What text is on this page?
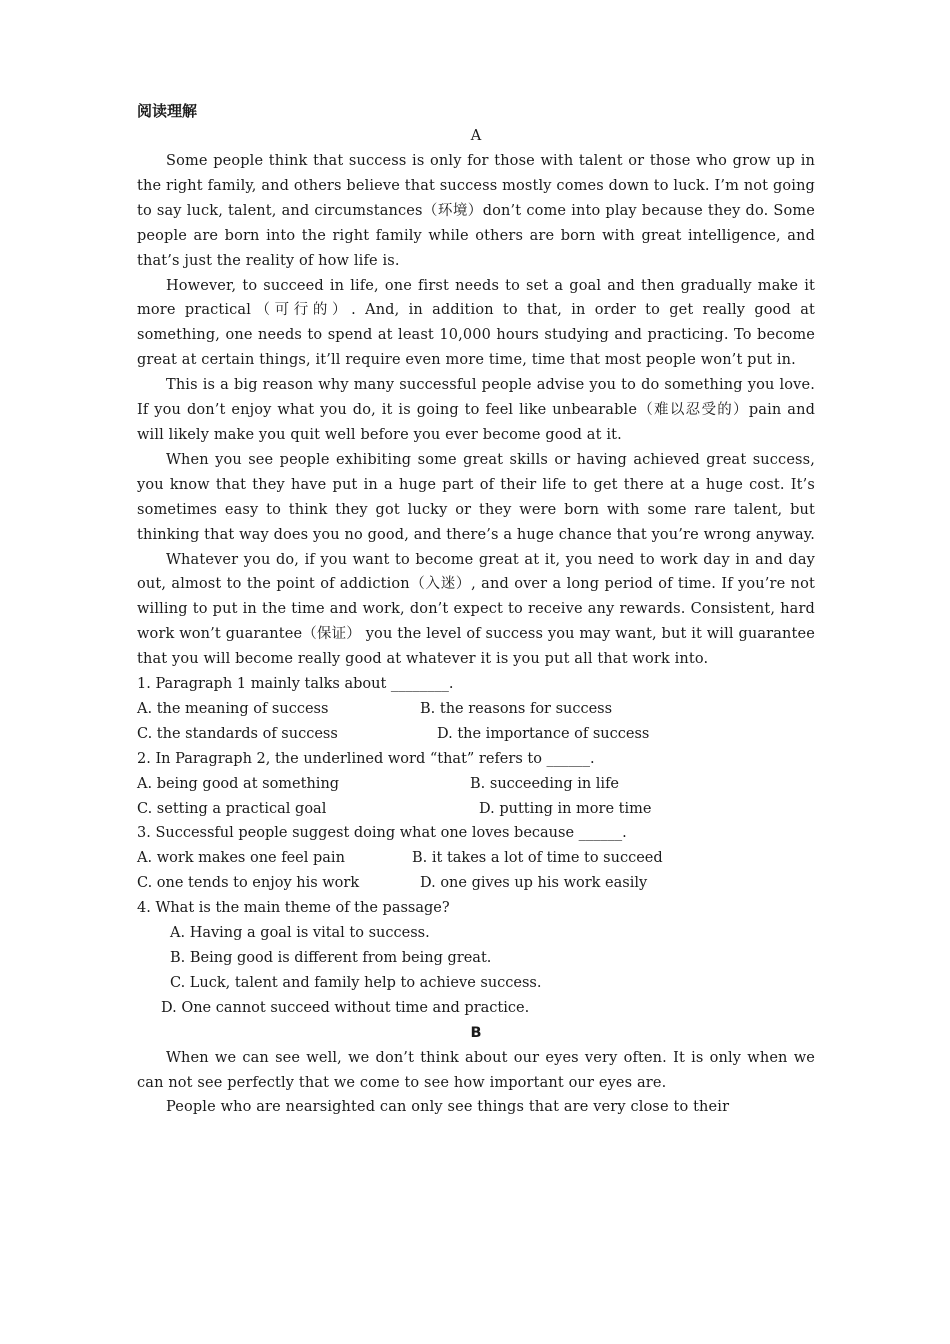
阅读理解
A

Some people think that success is only for those with talent or those who grow up in the right family, and others believe that success mostly comes down to luck. I’m not going to say luck, talent, and circumstances（环境）don’t come into play because they do. Some people are born into the right family while others are born with great intelligence, and that’s just the reality of how life is.

However, to succeed in life, one first needs to set a goal and then gradually make it more practical（可行的）. And, in addition to that, in order to get really good at something, one needs to spend at least 10,000 hours studying and practicing. To become great at certain things, it’ll require even more time, time that most people won’t put in.

This is a big reason why many successful people advise you to do something you love. If you don’t enjoy what you do, it is going to feel like unbearable（难以忍受的）pain and will likely make you quit well before you ever become good at it.

When you see people exhibiting some great skills or having achieved great success, you know that they have put in a huge part of their life to get there at a huge cost. It’s sometimes easy to think they got lucky or they were born with some rare talent, but thinking that way does you no good, and there’s a huge chance that you’re wrong anyway.

Whatever you do, if you want to become great at it, you need to work day in and day out, almost to the point of addiction（入迷）, and over a long period of time. If you’re not willing to put in the time and work, don’t expect to receive any rewards. Consistent, hard work won’t guarantee（保证） you the level of success you may want, but it will guarantee that you will become really good at whatever it is you put all that work into.

1. Paragraph 1 mainly talks about ________.

A. the meaning of success

	B. the reasons for success

C. the standards of success

	D. the importance of success

2. In Paragraph 2, the underlined word “that” refers to ______.

A. being good at something

	B. succeeding in life

C. setting a practical goal

	D. putting in more time

3. Successful people suggest doing what one loves because ______.

A. work makes one feel pain

	B. it takes a lot of time to succeed

C. one tends to enjoy his work

	D. one gives up his work easily

4. What is the main theme of the passage?

A. Having a goal is vital to success.

B. Being good is different from being great.

C. Luck, talent and family help to achieve success.

D. One cannot succeed without time and practice.

B

When we can see well, we don’t think about our eyes very often. It is only when we can not see perfectly that we come to see how important our eyes are.

People who are nearsighted can only see things that are very close to their
